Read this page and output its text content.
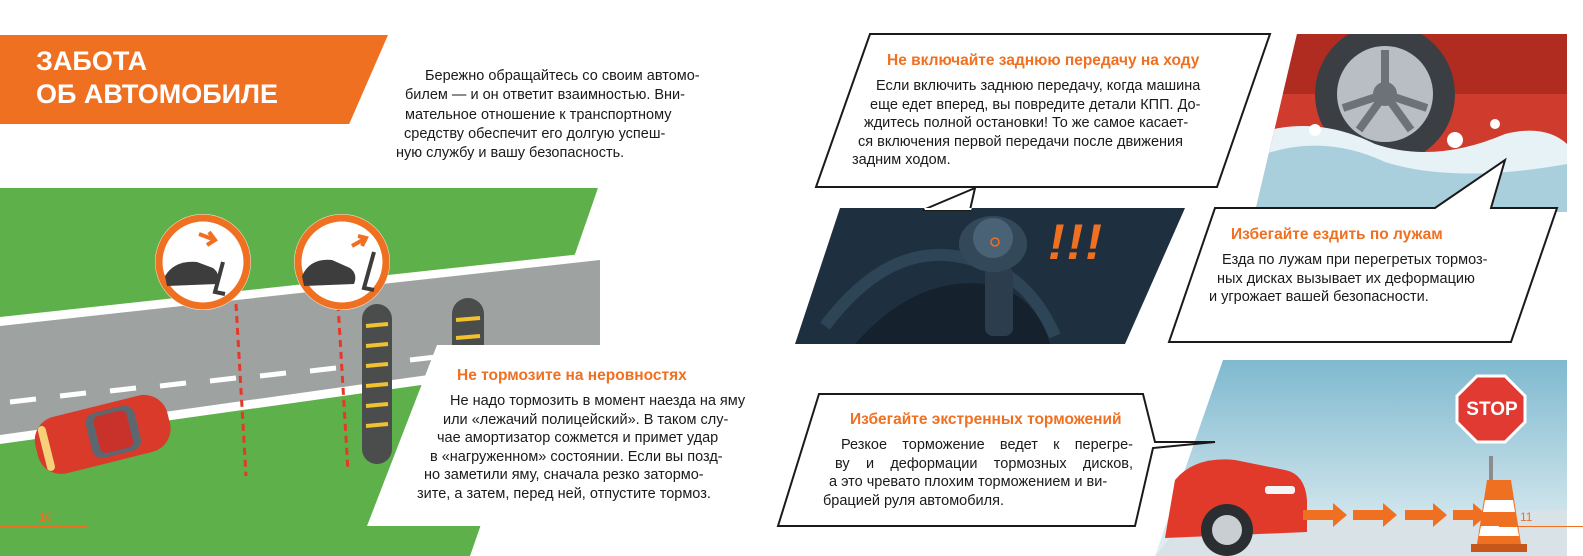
ЗАБОТА
ОБ АВТОМОБИЛЕ

Бережно обращайтесь со своим автомо-

билем — и он ответит взаимностью. Вни-

мательное отношение к транспортному

средству обеспечит его долгую успеш-

ную службу и вашу безопасность.

Не тормозите на неровностях

Не надо тормозить в момент наезда на яму

или «лежачий полицейский». В таком слу-

чае амортизатор сожмется и примет удар

в «нагруженном» состоянии. Если вы позд-

но заметили яму, сначала резко затормо-

зите, а затем, перед ней, отпустите тормоз.

10
Не включайте заднюю передачу на ходу

Если включить заднюю передачу, когда машина

еще едет вперед, вы повредите детали КПП. До-

ждитесь полной остановки! То же самое касает-

ся включения первой передачи после движения

задним ходом.

!!!	Избегайте ездить по лужам

Езда по лужам при перегретых тормоз-

ных дисках вызывает их деформацию

и угрожает вашей безопасности.

STOP
Избегайте экстренных торможений

Резкое торможение ведет к перегре-

ву и деформации тормозных дисков,

а это чревато плохим торможением и ви-

брацией руля автомобиля.

11
